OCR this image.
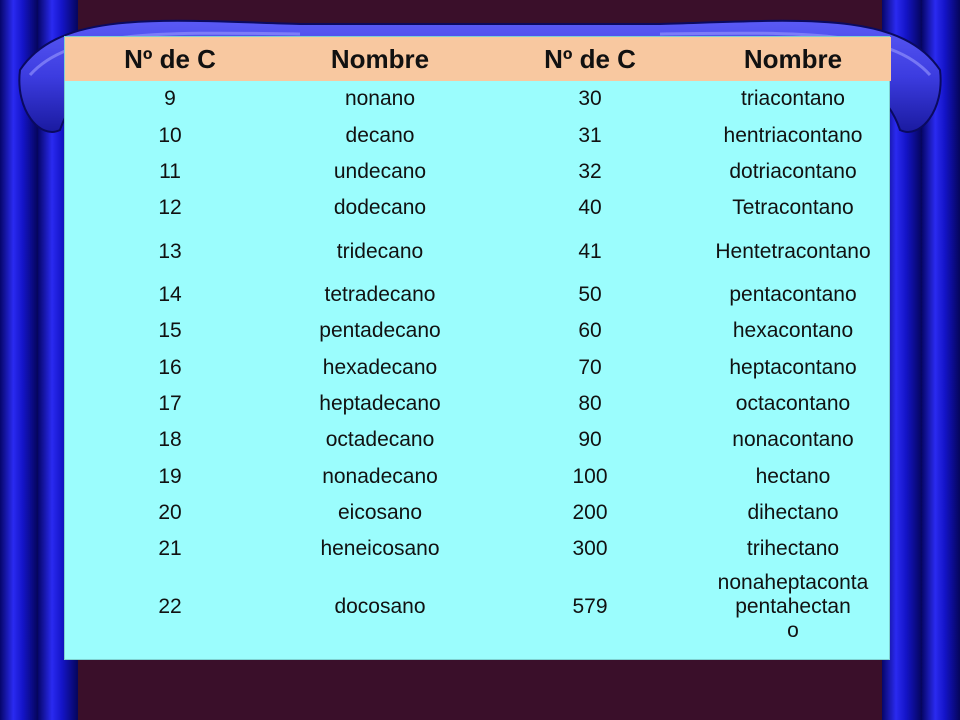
Nº de C	Nombre	Nº de C	Nombre
9	nonano	30	triacontano
10	decano	31	hentriacontano
11	undecano	32	dotriacontano
12	dodecano	40	Tetracontano
13	tridecano	41	Hentetracontano
14	tetradecano	50	pentacontano
15	pentadecano	60	hexacontano
16	hexadecano	70	heptacontano
17	heptadecano	80	octacontano
18	octadecano	90	nonacontano
19	nonadecano	100	hectano
20	eicosano	200	dihectano
21	heneicosano	300	trihectano
22	docosano	579	nonaheptaconta
pentahectan
o
